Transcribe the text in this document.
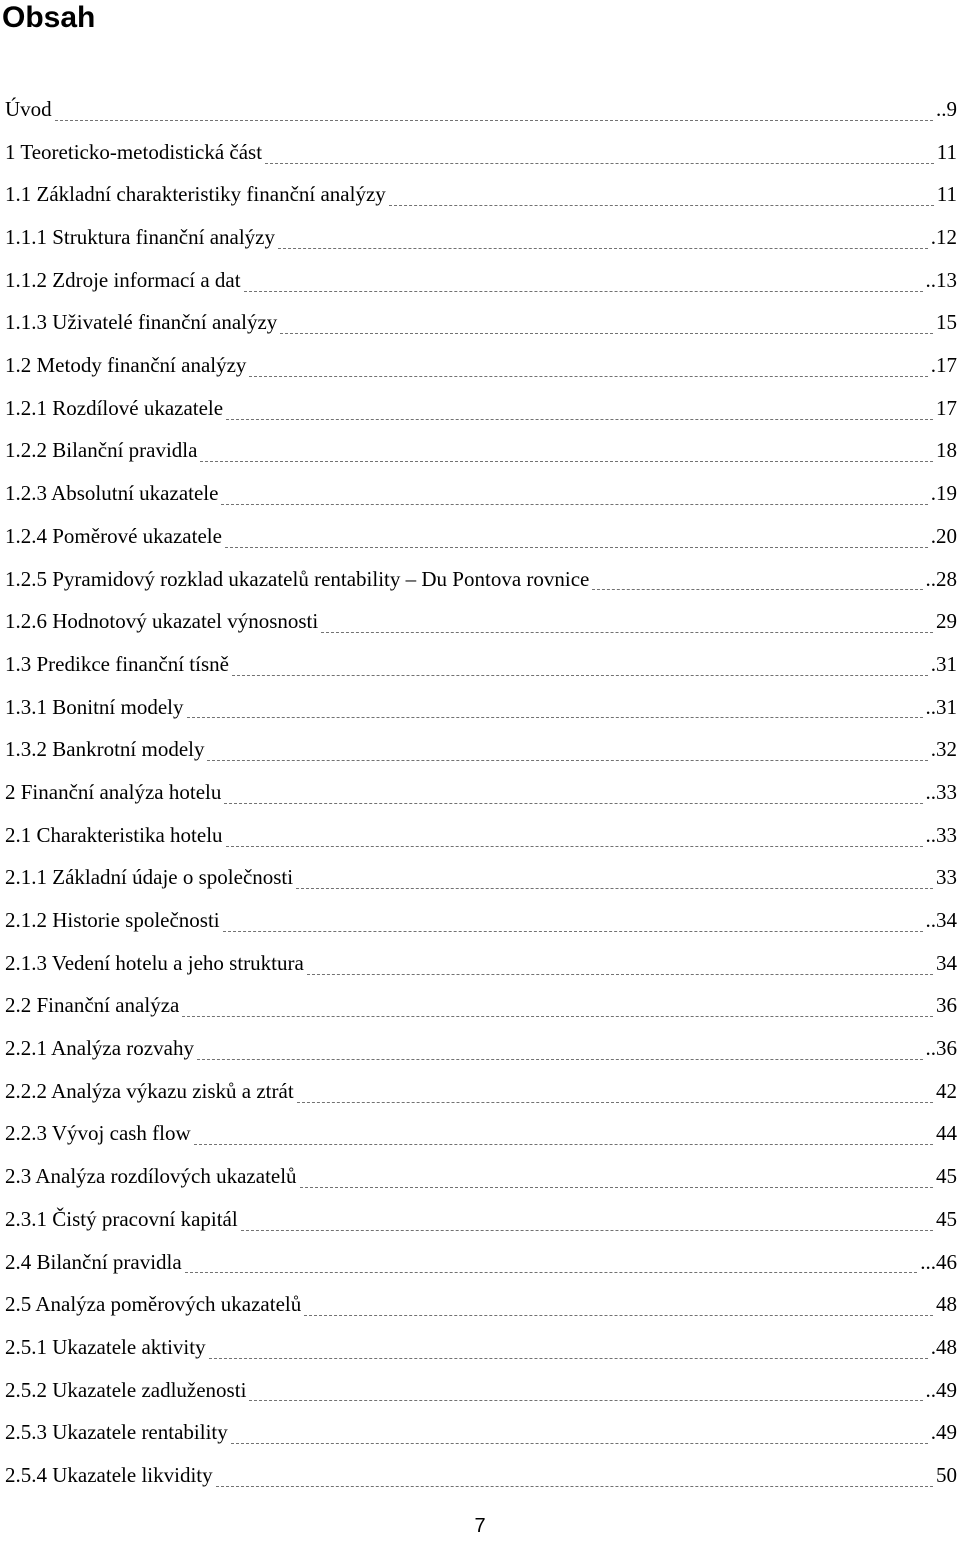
Obsah
Úvod	..9
1 Teoreticko-metodistická část	11
1.1 Základní charakteristiky finanční analýzy	11
1.1.1 Struktura finanční analýzy	.12
1.1.2 Zdroje informací a dat	..13
1.1.3 Uživatelé finanční analýzy	15
1.2 Metody finanční analýzy	.17
1.2.1 Rozdílové ukazatele	17
1.2.2 Bilanční pravidla	18
1.2.3 Absolutní ukazatele	.19
1.2.4 Poměrové ukazatele	.20
1.2.5 Pyramidový rozklad ukazatelů rentability – Du Pontova rovnice	..28
1.2.6 Hodnotový ukazatel výnosnosti	29
1.3 Predikce finanční tísně	.31
1.3.1 Bonitní modely	..31
1.3.2 Bankrotní modely	.32
2 Finanční analýza hotelu	..33
2.1 Charakteristika hotelu	..33
2.1.1 Základní údaje o společnosti	33
2.1.2 Historie společnosti	..34
2.1.3 Vedení hotelu a jeho struktura	34
2.2 Finanční analýza	36
2.2.1 Analýza rozvahy	..36
2.2.2 Analýza výkazu zisků a ztrát	42
2.2.3 Vývoj cash flow	44
2.3 Analýza rozdílových ukazatelů	45
2.3.1 Čistý pracovní kapitál	45
2.4 Bilanční pravidla	...46
2.5 Analýza poměrových ukazatelů	48
2.5.1 Ukazatele aktivity	.48
2.5.2 Ukazatele zadluženosti	..49
2.5.3 Ukazatele rentability	.49
2.5.4 Ukazatele likvidity	50
7
